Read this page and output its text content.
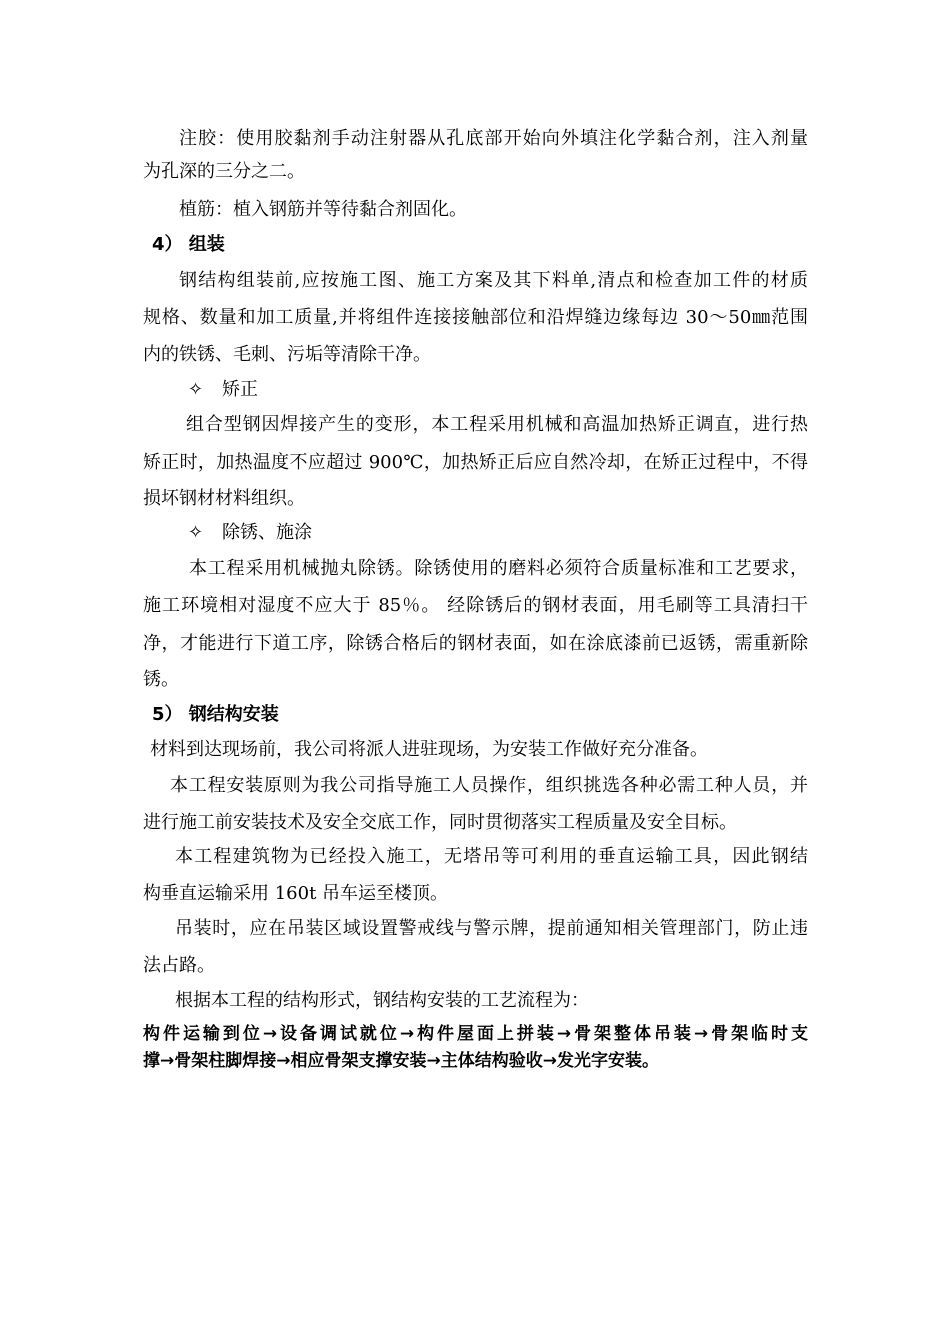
注胶：使用胶黏剂手动注射器从孔底部开始向外填注化学黏合剂，注入剂量
为孔深的三分之二。
植筋：植入钢筋并等待黏合剂固化。
4） 组装
钢结构组装前,应按施工图、施工方案及其下料单,清点和检查加工件的材质
规格、数量和加工质量,并将组件连接接触部位和沿焊缝边缘每边 30～50㎜范围
内的铁锈、毛刺、污垢等清除干净。
✧ 矫正
组合型钢因焊接产生的变形，本工程采用机械和高温加热矫正调直，进行热
矫正时，加热温度不应超过 900℃，加热矫正后应自然冷却，在矫正过程中，不得
损坏钢材材料组织。
✧ 除锈、施涂
本工程采用机械抛丸除锈。除锈使用的磨料必须符合质量标准和工艺要求，
施工环境相对湿度不应大于 85％。 经除锈后的钢材表面，用毛刷等工具清扫干
净，才能进行下道工序，除锈合格后的钢材表面，如在涂底漆前已返锈，需重新除
锈。
5） 钢结构安装
材料到达现场前，我公司将派人进驻现场，为安装工作做好充分准备。
本工程安装原则为我公司指导施工人员操作，组织挑选各种必需工种人员，并
进行施工前安装技术及安全交底工作，同时贯彻落实工程质量及安全目标。
本工程建筑物为已经投入施工，无塔吊等可利用的垂直运输工具，因此钢结
构垂直运输采用 160t 吊车运至楼顶。
吊装时，应在吊装区域设置警戒线与警示牌，提前通知相关管理部门，防止违
法占路。
根据本工程的结构形式，钢结构安装的工艺流程为：
构件运输到位→设备调试就位→构件屋面上拼装→骨架整体吊装→骨架临时支
撑→骨架柱脚焊接→相应骨架支撑安装→主体结构验收→发光字安装。
